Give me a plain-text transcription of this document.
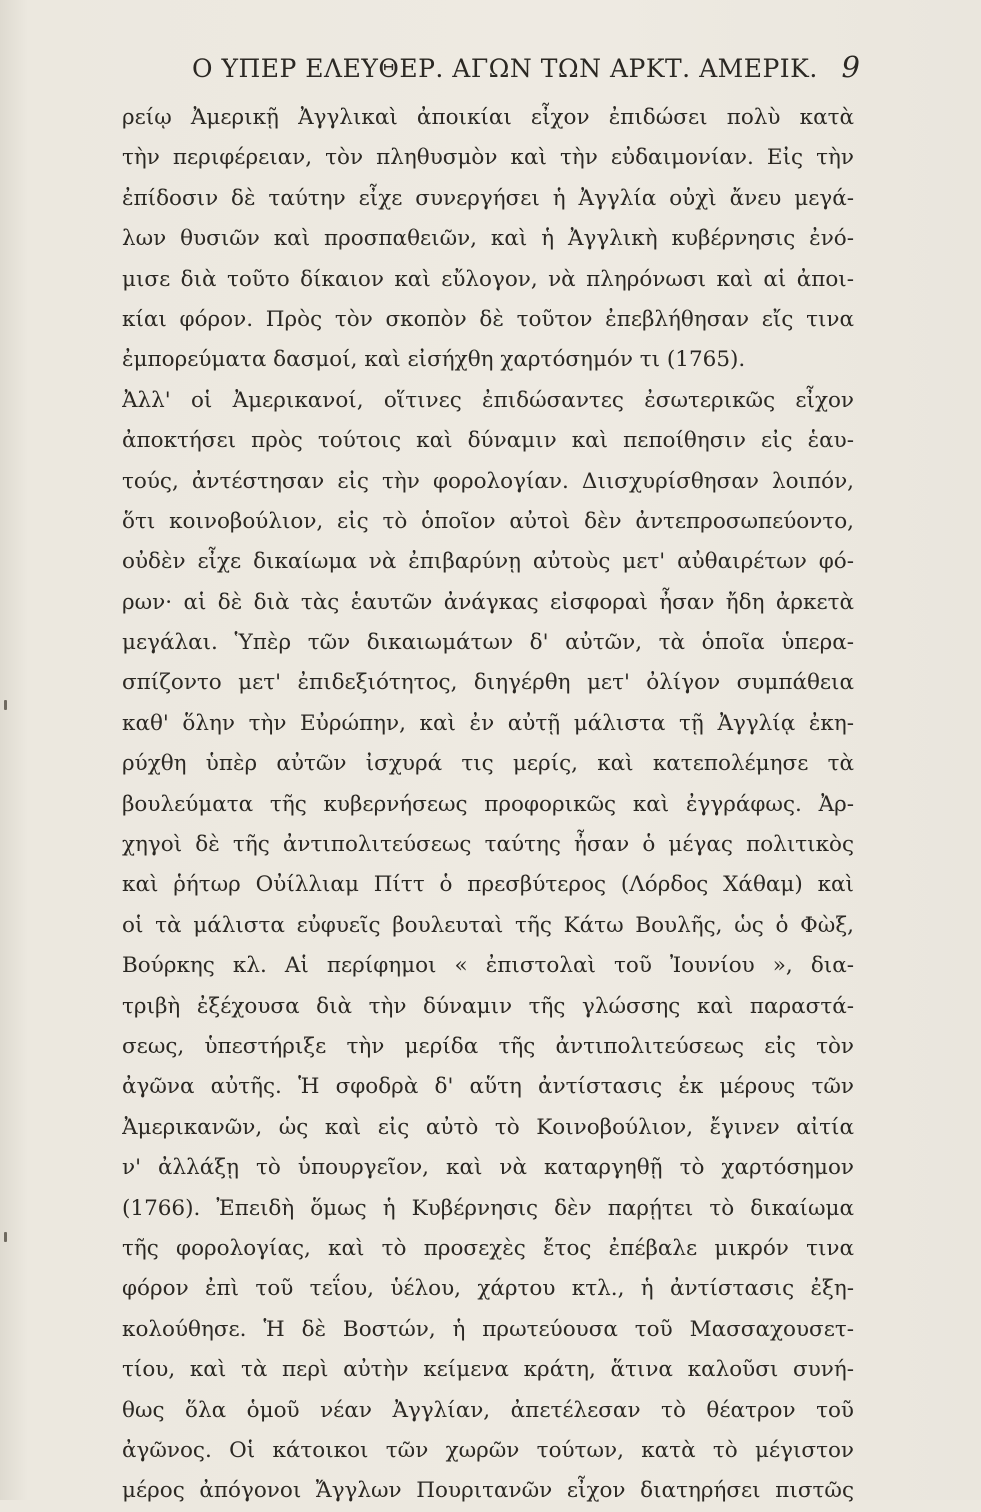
Ο ΥΠΕΡ ΕΛΕΥΘΕΡ. ΑΓΩΝ ΤΩΝ ΑΡΚΤ. ΑΜΕΡΙΚ. 9
ρείῳ Ἀμερικῇ Ἀγγλικαὶ ἀποικίαι εἶχον ἐπιδώσει πολὺ κατὰ
τὴν περιφέρειαν, τὸν πληθυσμὸν καὶ τὴν εὐδαιμονίαν. Εἰς τὴν
ἐπίδοσιν δὲ ταύτην εἶχε συνεργήσει ἡ Ἀγγλία οὐχὶ ἄνευ μεγά-
λων θυσιῶν καὶ προσπαθειῶν, καὶ ἡ Ἀγγλικὴ κυβέρνησις ἐνό-
μισε διὰ τοῦτο δίκαιον καὶ εὔλογον, νὰ πληρόνωσι καὶ αἱ ἀποι-
κίαι φόρον. Πρὸς τὸν σκοπὸν δὲ τοῦτον ἐπεβλήθησαν εἴς τινα
ἐμπορεύματα δασμοί, καὶ εἰσήχθη χαρτόσημόν τι (1765).
Ἀλλ' οἱ Ἀμερικανοί, οἵτινες ἐπιδώσαντες ἐσωτερικῶς εἶχον
ἀποκτήσει πρὸς τούτοις καὶ δύναμιν καὶ πεποίθησιν εἰς ἑαυ-
τούς, ἀντέστησαν εἰς τὴν φορολογίαν. Διισχυρίσθησαν λοιπόν,
ὅτι κοινοβούλιον, εἰς τὸ ὁποῖον αὐτοὶ δὲν ἀντεπροσωπεύοντο,
οὐδὲν εἶχε δικαίωμα νὰ ἐπιβαρύνῃ αὐτοὺς μετ' αὐθαιρέτων φό-
ρων· αἱ δὲ διὰ τὰς ἑαυτῶν ἀνάγκας εἰσφοραὶ ἦσαν ἤδη ἀρκετὰ
μεγάλαι. Ὑπὲρ τῶν δικαιωμάτων δ' αὐτῶν, τὰ ὁποῖα ὑπερα-
σπίζοντο μετ' ἐπιδεξιότητος, διηγέρθη μετ' ὀλίγον συμπάθεια
καθ' ὅλην τὴν Εὐρώπην, καὶ ἐν αὐτῇ μάλιστα τῇ Ἀγγλίᾳ ἐκη-
ρύχθη ὑπὲρ αὐτῶν ἰσχυρά τις μερίς, καὶ κατεπολέμησε τὰ
βουλεύματα τῆς κυβερνήσεως προφορικῶς καὶ ἐγγράφως. Ἀρ-
χηγοὶ δὲ τῆς ἀντιπολιτεύσεως ταύτης ἦσαν ὁ μέγας πολιτικὸς
καὶ ῥήτωρ Οὐίλλιαμ Πίττ ὁ πρεσβύτερος (Λόρδος Χάθαμ) καὶ
οἱ τὰ μάλιστα εὐφυεῖς βουλευταὶ τῆς Κάτω Βουλῆς, ὡς ὁ Φὼξ,
Βούρκης κλ. Αἱ περίφημοι « ἐπιστολαὶ τοῦ Ἰουνίου », δια-
τριβὴ ἐξέχουσα διὰ τὴν δύναμιν τῆς γλώσσης καὶ παραστά-
σεως, ὑπεστήριξε τὴν μερίδα τῆς ἀντιπολιτεύσεως εἰς τὸν
ἀγῶνα αὐτῆς. Ἡ σφοδρὰ δ' αὕτη ἀντίστασις ἐκ μέρους τῶν
Ἀμερικανῶν, ὡς καὶ εἰς αὐτὸ τὸ Κοινοβούλιον, ἔγινεν αἰτία
ν' ἀλλάξῃ τὸ ὑπουργεῖον, καὶ νὰ καταργηθῇ τὸ χαρτόσημον
(1766). Ἐπειδὴ ὅμως ἡ Κυβέρνησις δὲν παρῄτει τὸ δικαίωμα
τῆς φορολογίας, καὶ τὸ προσεχὲς ἔτος ἐπέβαλε μικρόν τινα
φόρον ἐπὶ τοῦ τεΐου, ὑέλου, χάρτου κτλ., ἡ ἀντίστασις ἐξη-
κολούθησε. Ἡ δὲ Βοστών, ἡ πρωτεύουσα τοῦ Μασσαχουσετ-
τίου, καὶ τὰ περὶ αὐτὴν κείμενα κράτη, ἅτινα καλοῦσι συνή-
θως ὅλα ὁμοῦ νέαν Ἀγγλίαν, ἀπετέλεσαν τὸ θέατρον τοῦ
ἀγῶνος. Οἱ κάτοικοι τῶν χωρῶν τούτων, κατὰ τὸ μέγιστον
μέρος ἀπόγονοι Ἄγγλων Πουριτανῶν εἶχον διατηρήσει πιστῶς
